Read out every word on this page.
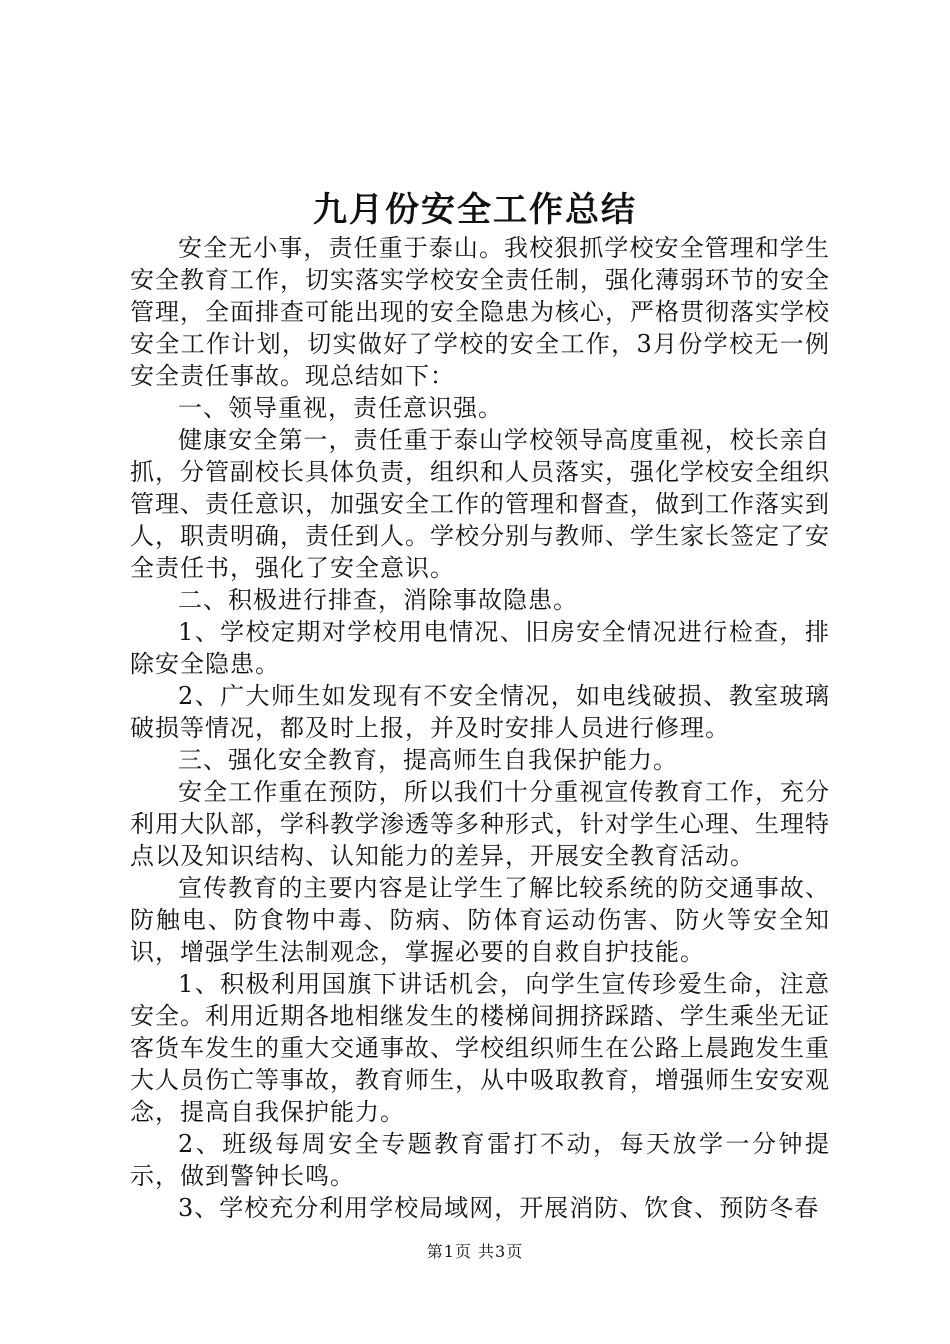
九月份安全工作总结

安全无小事，责任重于泰山。我校狠抓学校安全管理和学生安全教育工作，切实落实学校安全责任制，强化薄弱环节的安全管理，全面排查可能出现的安全隐患为核心，严格贯彻落实学校安全工作计划，切实做好了学校的安全工作，3月份学校无一例安全责任事故。现总结如下：

一、领导重视，责任意识强。

健康安全第一，责任重于泰山学校领导高度重视，校长亲自抓，分管副校长具体负责，组织和人员落实，强化学校安全组织管理、责任意识，加强安全工作的管理和督查，做到工作落实到人，职责明确，责任到人。学校分别与教师、学生家长签定了安全责任书，强化了安全意识。

二、积极进行排查，消除事故隐患。

1、学校定期对学校用电情况、旧房安全情况进行检查，排除安全隐患。

2、广大师生如发现有不安全情况，如电线破损、教室玻璃破损等情况，都及时上报，并及时安排人员进行修理。

三、强化安全教育，提高师生自我保护能力。

安全工作重在预防，所以我们十分重视宣传教育工作，充分利用大队部，学科教学渗透等多种形式，针对学生心理、生理特点以及知识结构、认知能力的差异，开展安全教育活动。

宣传教育的主要内容是让学生了解比较系统的防交通事故、防触电、防食物中毒、防病、防体育运动伤害、防火等安全知识，增强学生法制观念，掌握必要的自救自护技能。

1、积极利用国旗下讲话机会，向学生宣传珍爱生命，注意安全。利用近期各地相继发生的楼梯间拥挤踩踏、学生乘坐无证客货车发生的重大交通事故、学校组织师生在公路上晨跑发生重大人员伤亡等事故，教育师生，从中吸取教育，增强师生安安观念，提高自我保护能力。

2、班级每周安全专题教育雷打不动，每天放学一分钟提示，做到警钟长鸣。

3、学校充分利用学校局域网，开展消防、饮食、预防冬春

第1页 共3页
